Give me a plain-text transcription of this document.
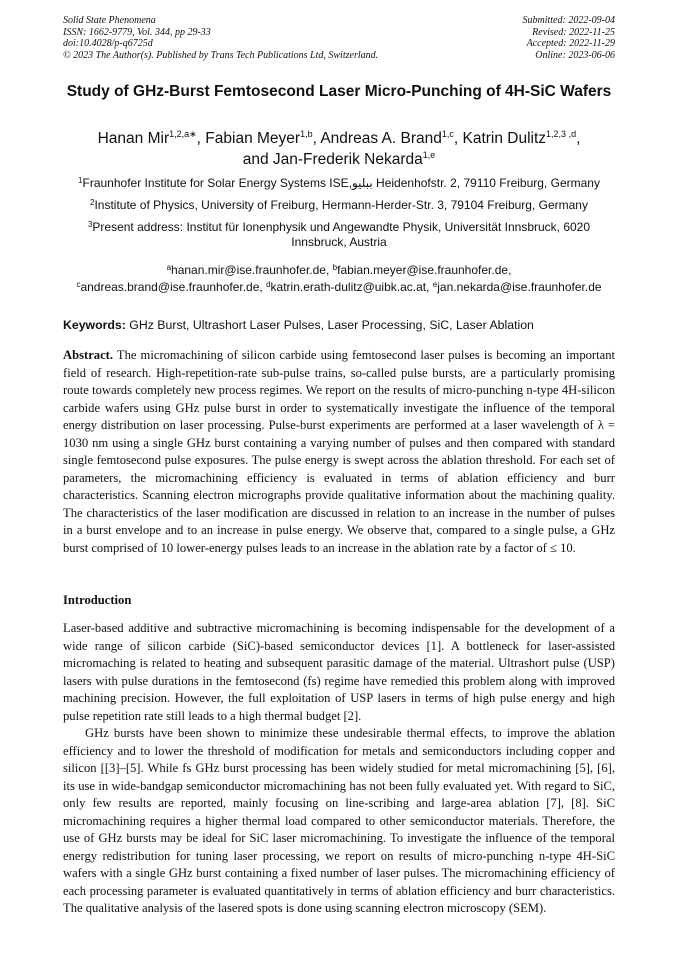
Solid State Phenomena
ISSN: 1662-9779, Vol. 344, pp 29-33
doi:10.4028/p-q6725d
© 2023 The Author(s). Published by Trans Tech Publications Ltd, Switzerland.
Submitted: 2022-09-04
Revised: 2022-11-25
Accepted: 2022-11-29
Online: 2023-06-06
Study of GHz-Burst Femtosecond Laser Micro-Punching of 4H-SiC Wafers
Hanan Mir$^{1,2,a∗}$, Fabian Meyer$^{1,b}$, Andreas A. Brand$^{1,c}$, Katrin Dulitz$^{1,2,3 ,d}$,
and Jan-Frederik Nekarda$^{1,e}$
$^1$Fraunhofer Institute for Solar Energy Systems ISE,ببلیو Heidenhofstr. 2, 79110 Freiburg, Germany
$^2$Institute of Physics, University of Freiburg, Hermann-Herder-Str. 3, 79104 Freiburg, Germany
$^3$Present address: Institut für Ionenphysik und Angewandte Physik, Universität Innsbruck, 6020 Innsbruck, Austria
$^a$hanan.mir@ise.fraunhofer.de, $^b$fabian.meyer@ise.fraunhofer.de,
$^c$andreas.brand@ise.fraunhofer.de, $^d$katrin.erath-dulitz@uibk.ac.at, $^e$jan.nekarda@ise.fraunhofer.de
Keywords: GHz Burst, Ultrashort Laser Pulses, Laser Processing, SiC, Laser Ablation

Abstract. The micromachining of silicon carbide using femtosecond laser pulses is becoming an important field of research. High-repetition-rate sub-pulse trains, so-called pulse bursts, are a particularly promising route towards completely new process regimes. We report on the results of micro-punching n-type 4H-silicon carbide wafers using GHz pulse burst in order to systematically investigate the influence of the temporal energy distribution on laser processing. Pulse-burst experiments are performed at a laser wavelength of λ = 1030 nm using a single GHz burst containing a varying number of pulses and then compared with standard single femtosecond pulse exposures. The pulse energy is swept across the ablation threshold. For each set of parameters, the micromachining efficiency is evaluated in terms of ablation efficiency and burr characteristics. Scanning electron micrographs provide qualitative information about the machining quality. The characteristics of the laser modification are discussed in relation to an increase in the number of pulses in a burst envelope and to an increase in pulse energy. We observe that, compared to a single pulse, a GHz burst comprised of 10 lower-energy pulses leads to an increase in the ablation rate by a factor of ≤ 10.

Introduction

Laser-based additive and subtractive micromachining is becoming indispensable for the development of a wide range of silicon carbide (SiC)-based semiconductor devices [1]. A bottleneck for laser-assisted micromaching is related to heating and subsequent parasitic damage of the material. Ultrashort pulse (USP) lasers with pulse durations in the femtosecond (fs) regime have remedied this problem along with improved machining precision. However, the full exploitation of USP lasers in terms of high pulse energy and high pulse repetition rate still leads to a high thermal budget [2].

GHz bursts have been shown to minimize these undesirable thermal effects, to improve the ablation efficiency and to lower the threshold of modification for metals and semiconductors including copper and silicon [[3]–[5]. While fs GHz burst processing has been widely studied for metal micromachining [5], [6], its use in wide-bandgap semiconductor micromachining has not been fully evaluated yet. With regard to SiC, only few results are reported, mainly focusing on line-scribing and large-area ablation [7], [8]. SiC micromachining requires a higher thermal load compared to other semiconductor materials. Therefore, the use of GHz bursts may be ideal for SiC laser micromachining. To investigate the influence of the temporal energy redistribution for tuning laser processing, we report on results of micro-punching n-type 4H-SiC wafers with a single GHz burst containing a fixed number of laser pulses. The micromachining efficiency of each processing parameter is evaluated quantitatively in terms of ablation efficiency and burr characteristics. The qualitative analysis of the lasered spots is done using scanning electron microscopy (SEM).
